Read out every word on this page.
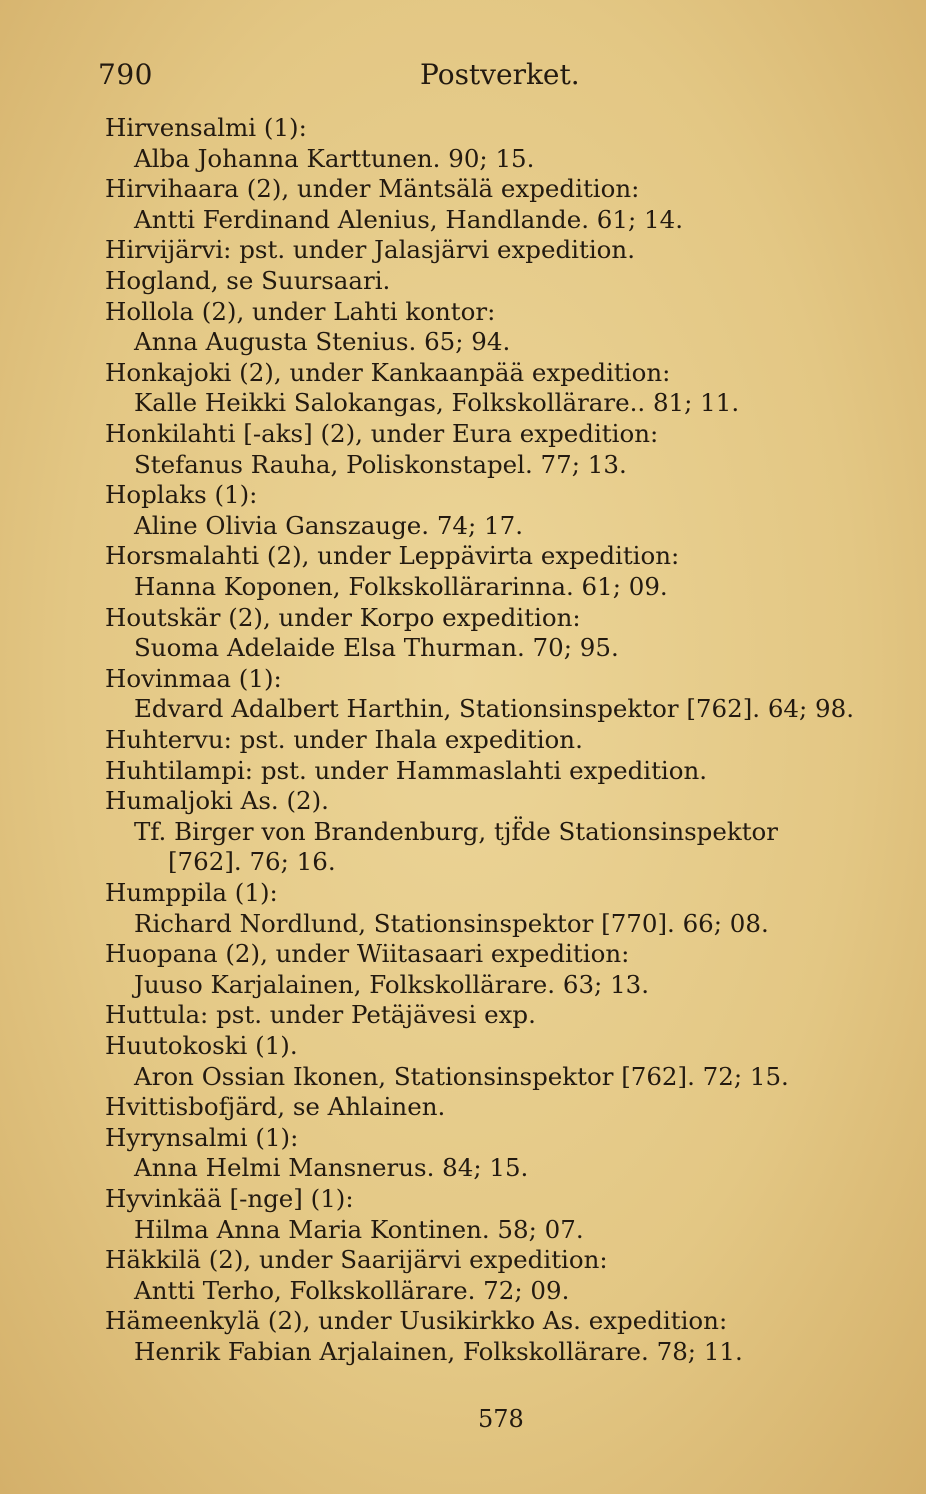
790	Postverket.
Hirvensalmi (1):
Alba Johanna Karttunen. 90; 15.
Hirvihaara (2), under Mäntsälä expedition:
Antti Ferdinand Alenius, Handlande. 61; 14.
Hirvijärvi: pst. under Jalasjärvi expedition.
Hogland, se Suursaari.
Hollola (2), under Lahti kontor:
Anna Augusta Stenius. 65; 94.
Honkajoki (2), under Kankaanpää expedition:
Kalle Heikki Salokangas, Folkskollärare.. 81; 11.
Honkilahti [-aks] (2), under Eura expedition:
Stefanus Rauha, Poliskonstapel. 77; 13.
Hoplaks (1):
Aline Olivia Ganszauge. 74; 17.
Horsmalahti (2), under Leppävirta expedition:
Hanna Koponen, Folkskollärarinna. 61; 09.
Houtskär (2), under Korpo expedition:
Suoma Adelaide Elsa Thurman. 70; 95.
Hovinmaa (1):
Edvard Adalbert Harthin, Stationsinspektor [762]. 64; 98.
Huhtervu: pst. under Ihala expedition.
Huhtilampi: pst. under Hammaslahti expedition.
Humaljoki As. (2).
Tf. Birger von Brandenburg, tjf̈de Stationsinspektor
[762]. 76; 16.
Humppila (1):
Richard Nordlund, Stationsinspektor [770]. 66; 08.
Huopana (2), under Wiitasaari expedition:
Juuso Karjalainen, Folkskollärare. 63; 13.
Huttula: pst. under Petäjävesi exp.
Huutokoski (1).
Aron Ossian Ikonen, Stationsinspektor [762]. 72; 15.
Hvittisbofjärd, se Ahlainen.
Hyrynsalmi (1):
Anna Helmi Mansnerus. 84; 15.
Hyvinkää [-nge] (1):
Hilma Anna Maria Kontinen. 58; 07.
Häkkilä (2), under Saarijärvi expedition:
Antti Terho, Folkskollärare. 72; 09.
Hämeenkylä (2), under Uusikirkko As. expedition:
Henrik Fabian Arjalainen, Folkskollärare. 78; 11.
578
